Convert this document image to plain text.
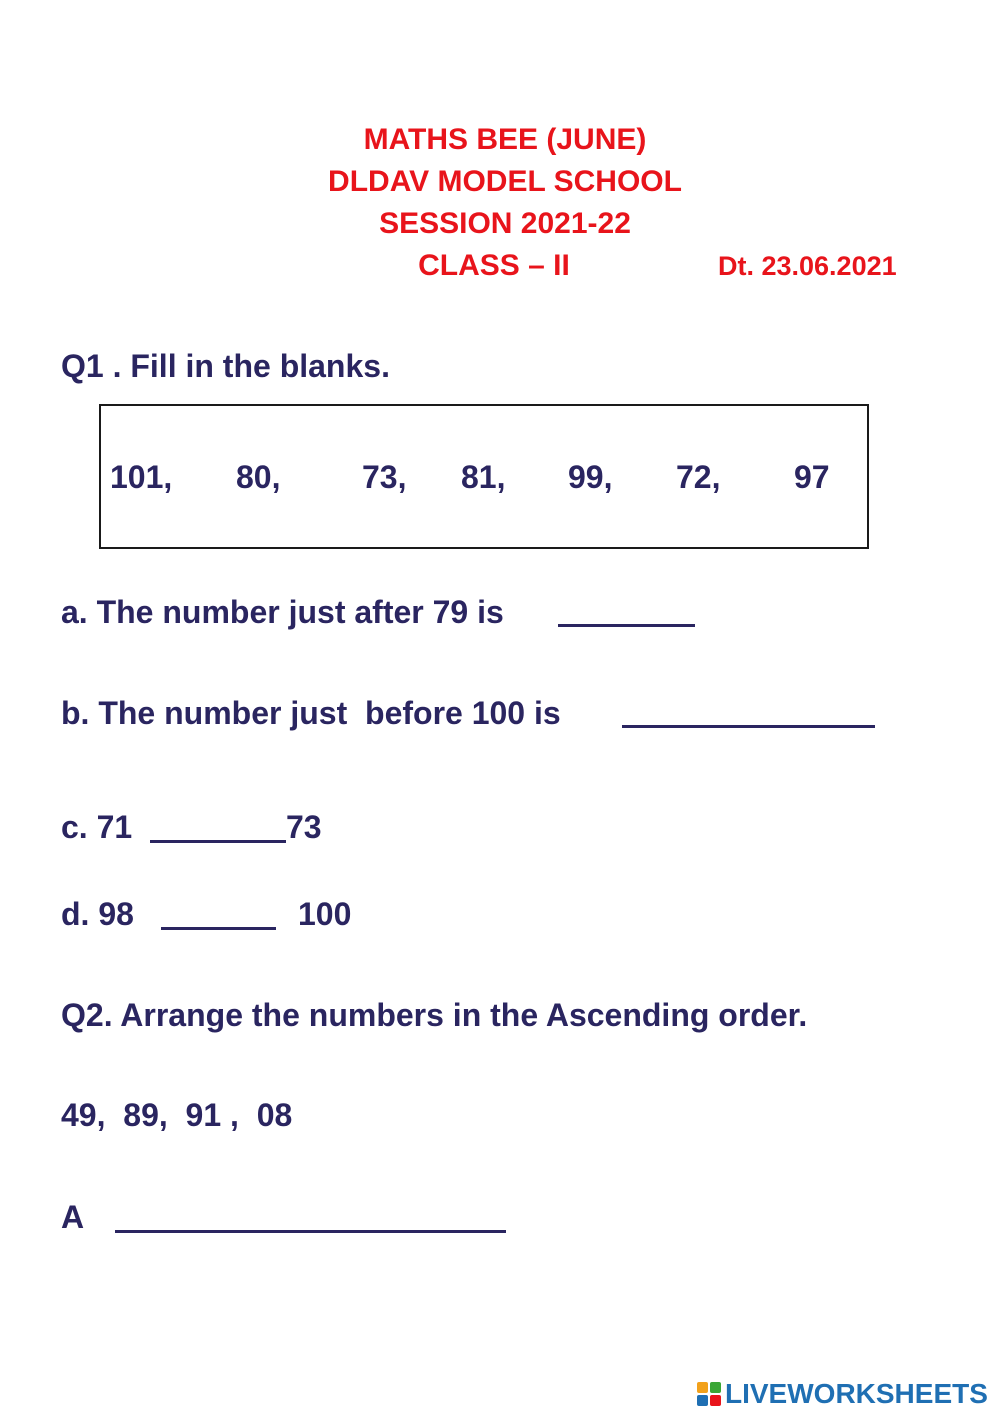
MATHS BEE (JUNE)

DLDAV MODEL SCHOOL

SESSION 2021-22

CLASS – II	Dt. 23.06.2021
Q1 . Fill in the blanks.
101, 80,	73, 81, 99, 72, 97
a. The number just after 79 is
b. The number just  before 100 is
c. 71	73
d. 98	100
Q2. Arrange the numbers in the Ascending order.
49,  89,  91 ,  08
A
LIVEWORKSHEETS
